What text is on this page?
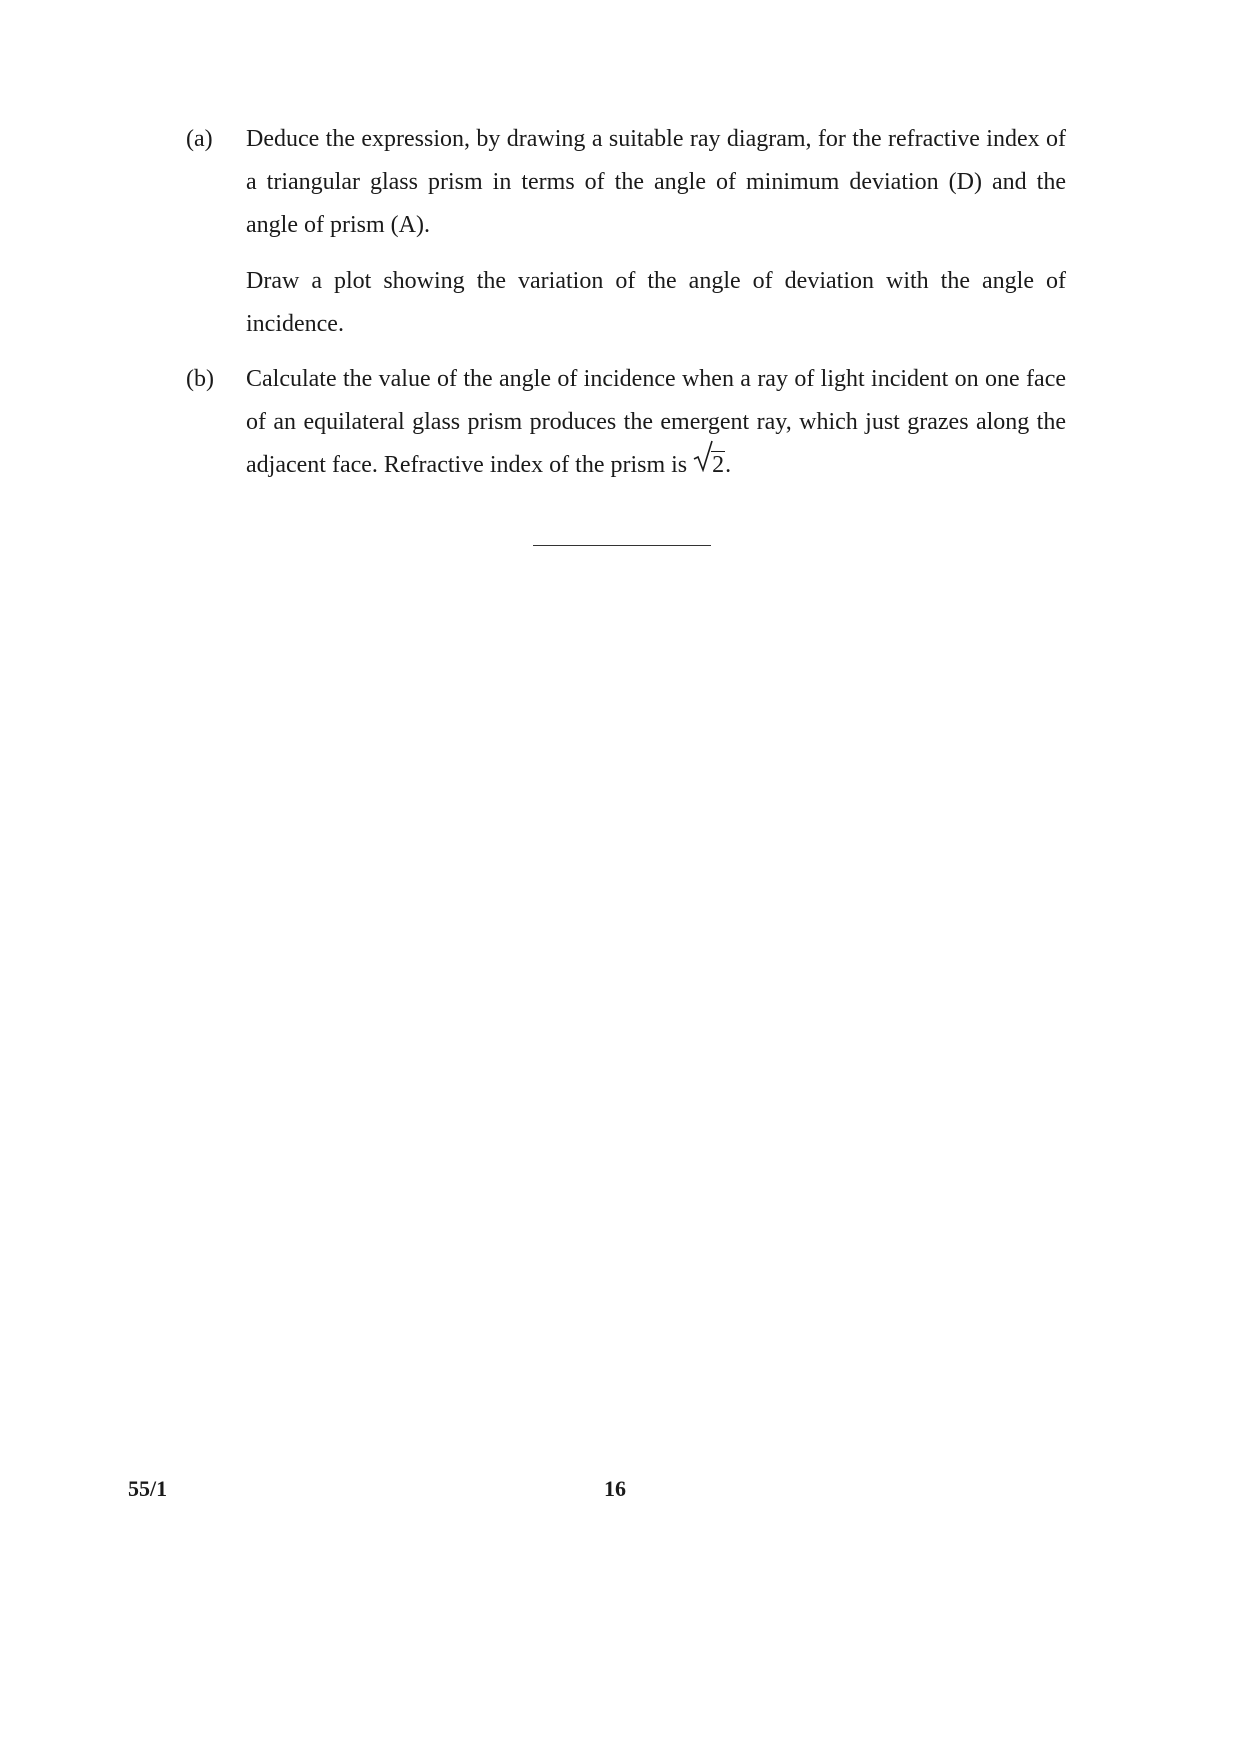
(a)	Deduce the expression, by drawing a suitable ray diagram, for the refractive index of a triangular glass prism in terms of the angle of minimum deviation (D) and the angle of prism (A).

Draw a plot showing the variation of the angle of deviation with the angle of incidence.

(b)	Calculate the value of the angle of incidence when a ray of light incident on one face of an equilateral glass prism produces the emergent ray, which just grazes along the adjacent face. Refractive index of the prism is
2.

55/1	16
